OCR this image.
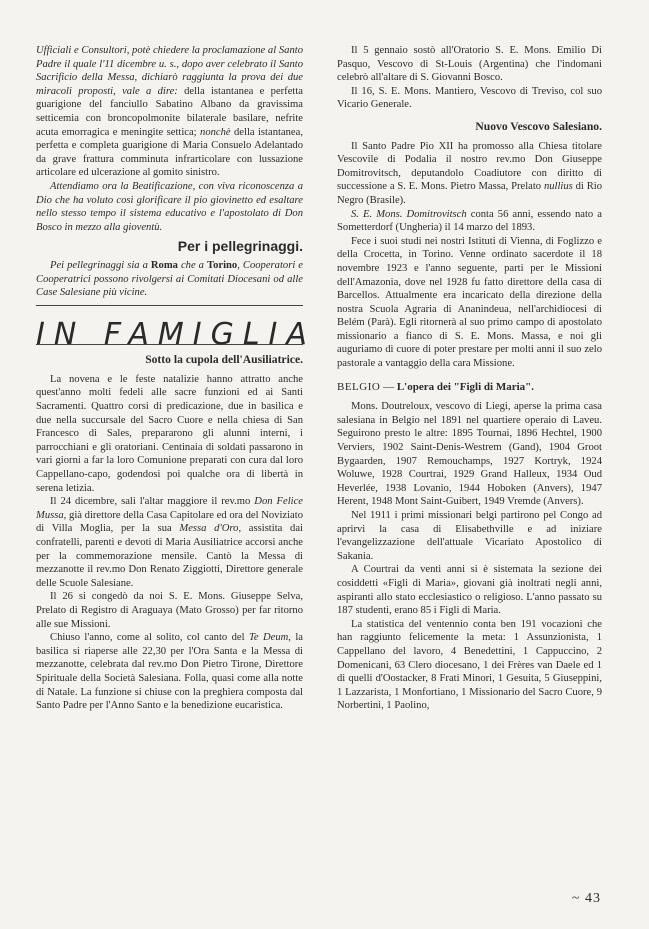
Ufficiali e Consultori, potè chiedere la proclamazione al Santo Padre il quale l'11 dicembre u. s., dopo aver celebrato il Santo Sacrificio della Messa, dichiarò raggiunta la prova dei due miracoli proposti, vale a dire: della istantanea e perfetta guarigione del fanciullo Sabatino Albano da gravissima setticemia con broncopolmonite bilaterale basilare, nefrite acuta emorragica e meningite settica; nonchè della istantanea, perfetta e completa guarigione di Maria Consuelo Adelantado da grave frattura comminuta infrarticolare con lussazione articolare ed ulcerazione al gomito sinistro.

Attendiamo ora la Beatificazione, con viva riconoscenza a Dio che ha voluto così glorificare il pio giovinetto ed esaltare nello stesso tempo il sistema educativo e l'apostolato di Don Bosco in mezzo alla gioventù.

Per i pellegrinaggi.

Pei pellegrinaggi sia a Roma che a Torino, Cooperatori e Cooperatrici possono rivolgersi ai Comitati Diocesani od alle Case Salesiane più vicine.

IN FAMIGLIA
Sotto la cupola dell'Ausiliatrice.

La novena e le feste natalizie hanno attratto anche quest'anno molti fedeli alle sacre funzioni ed ai Santi Sacramenti. Quattro corsi di predicazione, due in basilica e due nella succursale del Sacro Cuore e nella chiesa di San Francesco di Sales, prepararono gli alunni interni, i parrocchiani e gli oratoriani. Centinaia di soldati passarono in vari giorni a far la loro Comunione preparati con cura dal loro Cappellano-capo, godendosi poi qualche ora di libertà in serena letizia.

Il 24 dicembre, sali l'altar maggiore il rev.mo Don Felice Mussa, già direttore della Casa Capitolare ed ora del Noviziato di Villa Moglia, per la sua Messa d'Oro, assistita dai confratelli, parenti e devoti di Maria Ausiliatrice accorsi anche per la commemorazione mensile. Cantò la Messa di mezzanotte il rev.mo Don Renato Ziggiotti, Direttore generale delle Scuole Salesiane.

Il 26 si congedò da noi S. E. Mons. Giuseppe Selva, Prelato di Registro di Araguaya (Mato Grosso) per far ritorno alle sue Missioni.

Chiuso l'anno, come al solito, col canto del Te Deum, la basilica si riaperse alle 22,30 per l'Ora Santa e la Messa di mezzanotte, celebrata dal rev.mo Don Pietro Tirone, Direttore Spirituale della Società Salesiana. Folla, quasi come alla notte di Natale. La funzione si chiuse con la preghiera composta dal Santo Padre per l'Anno Santo e la benedizione eucaristica.

Il 5 gennaio sostò all'Oratorio S. E. Mons. Emilio Di Pasquo, Vescovo di St-Louis (Argentina) che l'indomani celebrò all'altare di S. Giovanni Bosco.

Il 16, S. E. Mons. Mantiero, Vescovo di Treviso, col suo Vicario Generale.

Nuovo Vescovo Salesiano.

Il Santo Padre Pio XII ha promosso alla Chiesa titolare Vescovile di Podalia il nostro rev.mo Don Giuseppe Domitrovitsch, deputandolo Coadiutore con diritto di successione a S. E. Mons. Pietro Massa, Prelato nullius di Rio Negro (Brasile).

S. E. Mons. Domitrovitsch conta 56 anni, essendo nato a Sometterdorf (Ungheria) il 14 marzo del 1893.

Fece i suoi studi nei nostri Istituti di Vienna, di Foglizzo e della Crocetta, in Torino. Venne ordinato sacerdote il 18 novembre 1923 e l'anno seguente, parti per le Missioni dell'Amazonia, dove nel 1928 fu fatto direttore della casa di Barcellos. Attualmente era incaricato della direzione della nostra Scuola Agraria di Ananindeua, nell'archidiocesi di Belém (Parà). Egli ritornerà al suo primo campo di apostolato missionario a fianco di S. E. Mons. Massa, e noi gli auguriamo di cuore di poter prestare per molti anni il suo zelo pastorale a vantaggio della cara Missione.

BELGIO — L'opera dei "Figli di Maria".

Mons. Doutreloux, vescovo di Liegi, aperse la prima casa salesiana in Belgio nel 1891 nel quartiere operaio di Laveu. Seguirono presto le altre: 1895 Tournai, 1896 Hechtel, 1900 Verviers, 1902 Saint-Denis-Westrem (Gand), 1904 Groot Bygaarden, 1907 Remouchamps, 1927 Kortryk, 1924 Woluwe, 1928 Courtrai, 1929 Grand Halleux, 1934 Oud Heverlée, 1938 Lovanio, 1944 Hoboken (Anvers), 1947 Herent, 1948 Mont Saint-Guibert, 1949 Vremde (Anvers).

Nel 1911 i primi missionari belgi partirono pel Congo ad aprirvi la casa di Elisabethville e ad iniziare l'evangelizzazione dell'attuale Vicariato Apostolico di Sakania.

A Courtrai da venti anni si è sistemata la sezione dei cosiddetti «Figli di Maria», giovani già inoltrati negli anni, aspiranti allo stato ecclesiastico o religioso. L'anno passato su 187 studenti, erano 85 i Figli di Maria.

La statistica del ventennio conta ben 191 vocazioni che han raggiunto felicemente la meta: 1 Assunzionista, 1 Cappellano del lavoro, 4 Benedettini, 1 Cappuccino, 2 Domenicani, 63 Clero diocesano, 1 dei Frères van Daele ed 1 di quelli d'Oostacker, 8 Frati Minori, 1 Gesuita, 5 Giuseppini, 1 Lazzarista, 1 Monfortiano, 1 Missionario del Sacro Cuore, 9 Norbertini, 1 Paolino,

~ 43
